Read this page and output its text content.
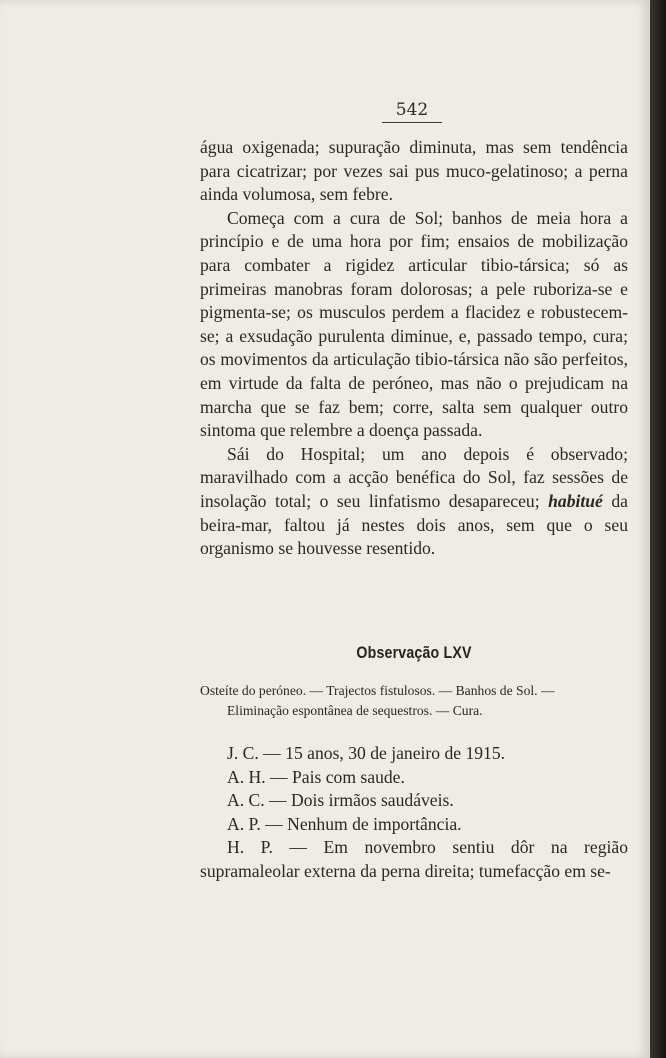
542

água oxigenada; supuração diminuta, mas sem tendência para cicatrizar; por vezes sai pus muco-gelatinoso; a perna ainda volumosa, sem febre.

Começa com a cura de Sol; banhos de meia hora a princípio e de uma hora por fim; ensaios de mobilização para combater a rigidez articular tibio-társica; só as primeiras manobras foram dolorosas; a pele ruboriza-se e pigmenta-se; os musculos perdem a flacidez e robustecem-se; a exsudação purulenta diminue, e, passado tempo, cura; os movimentos da articulação tibio-társica não são perfeitos, em virtude da falta de peróneo, mas não o prejudicam na marcha que se faz bem; corre, salta sem qualquer outro sintoma que relembre a doença passada.

Sái do Hospital; um ano depois é observado; maravilhado com a acção benéfica do Sol, faz sessões de insolação total; o seu linfatismo desapareceu; habitué da beira-mar, faltou já nestes dois anos, sem que o seu organismo se houvesse resentido.

Observação LXV
Osteíte do peróneo. — Trajectos fistulosos. — Banhos de Sol. —
Eliminação espontânea de sequestros. — Cura.

J. C. — 15 anos, 30 de janeiro de 1915.

A. H. — Pais com saude.

A. C. — Dois irmãos saudáveis.

A. P. — Nenhum de importância.

H. P. — Em novembro sentiu dôr na região supramaleolar externa da perna direita; tumefacção em se-
